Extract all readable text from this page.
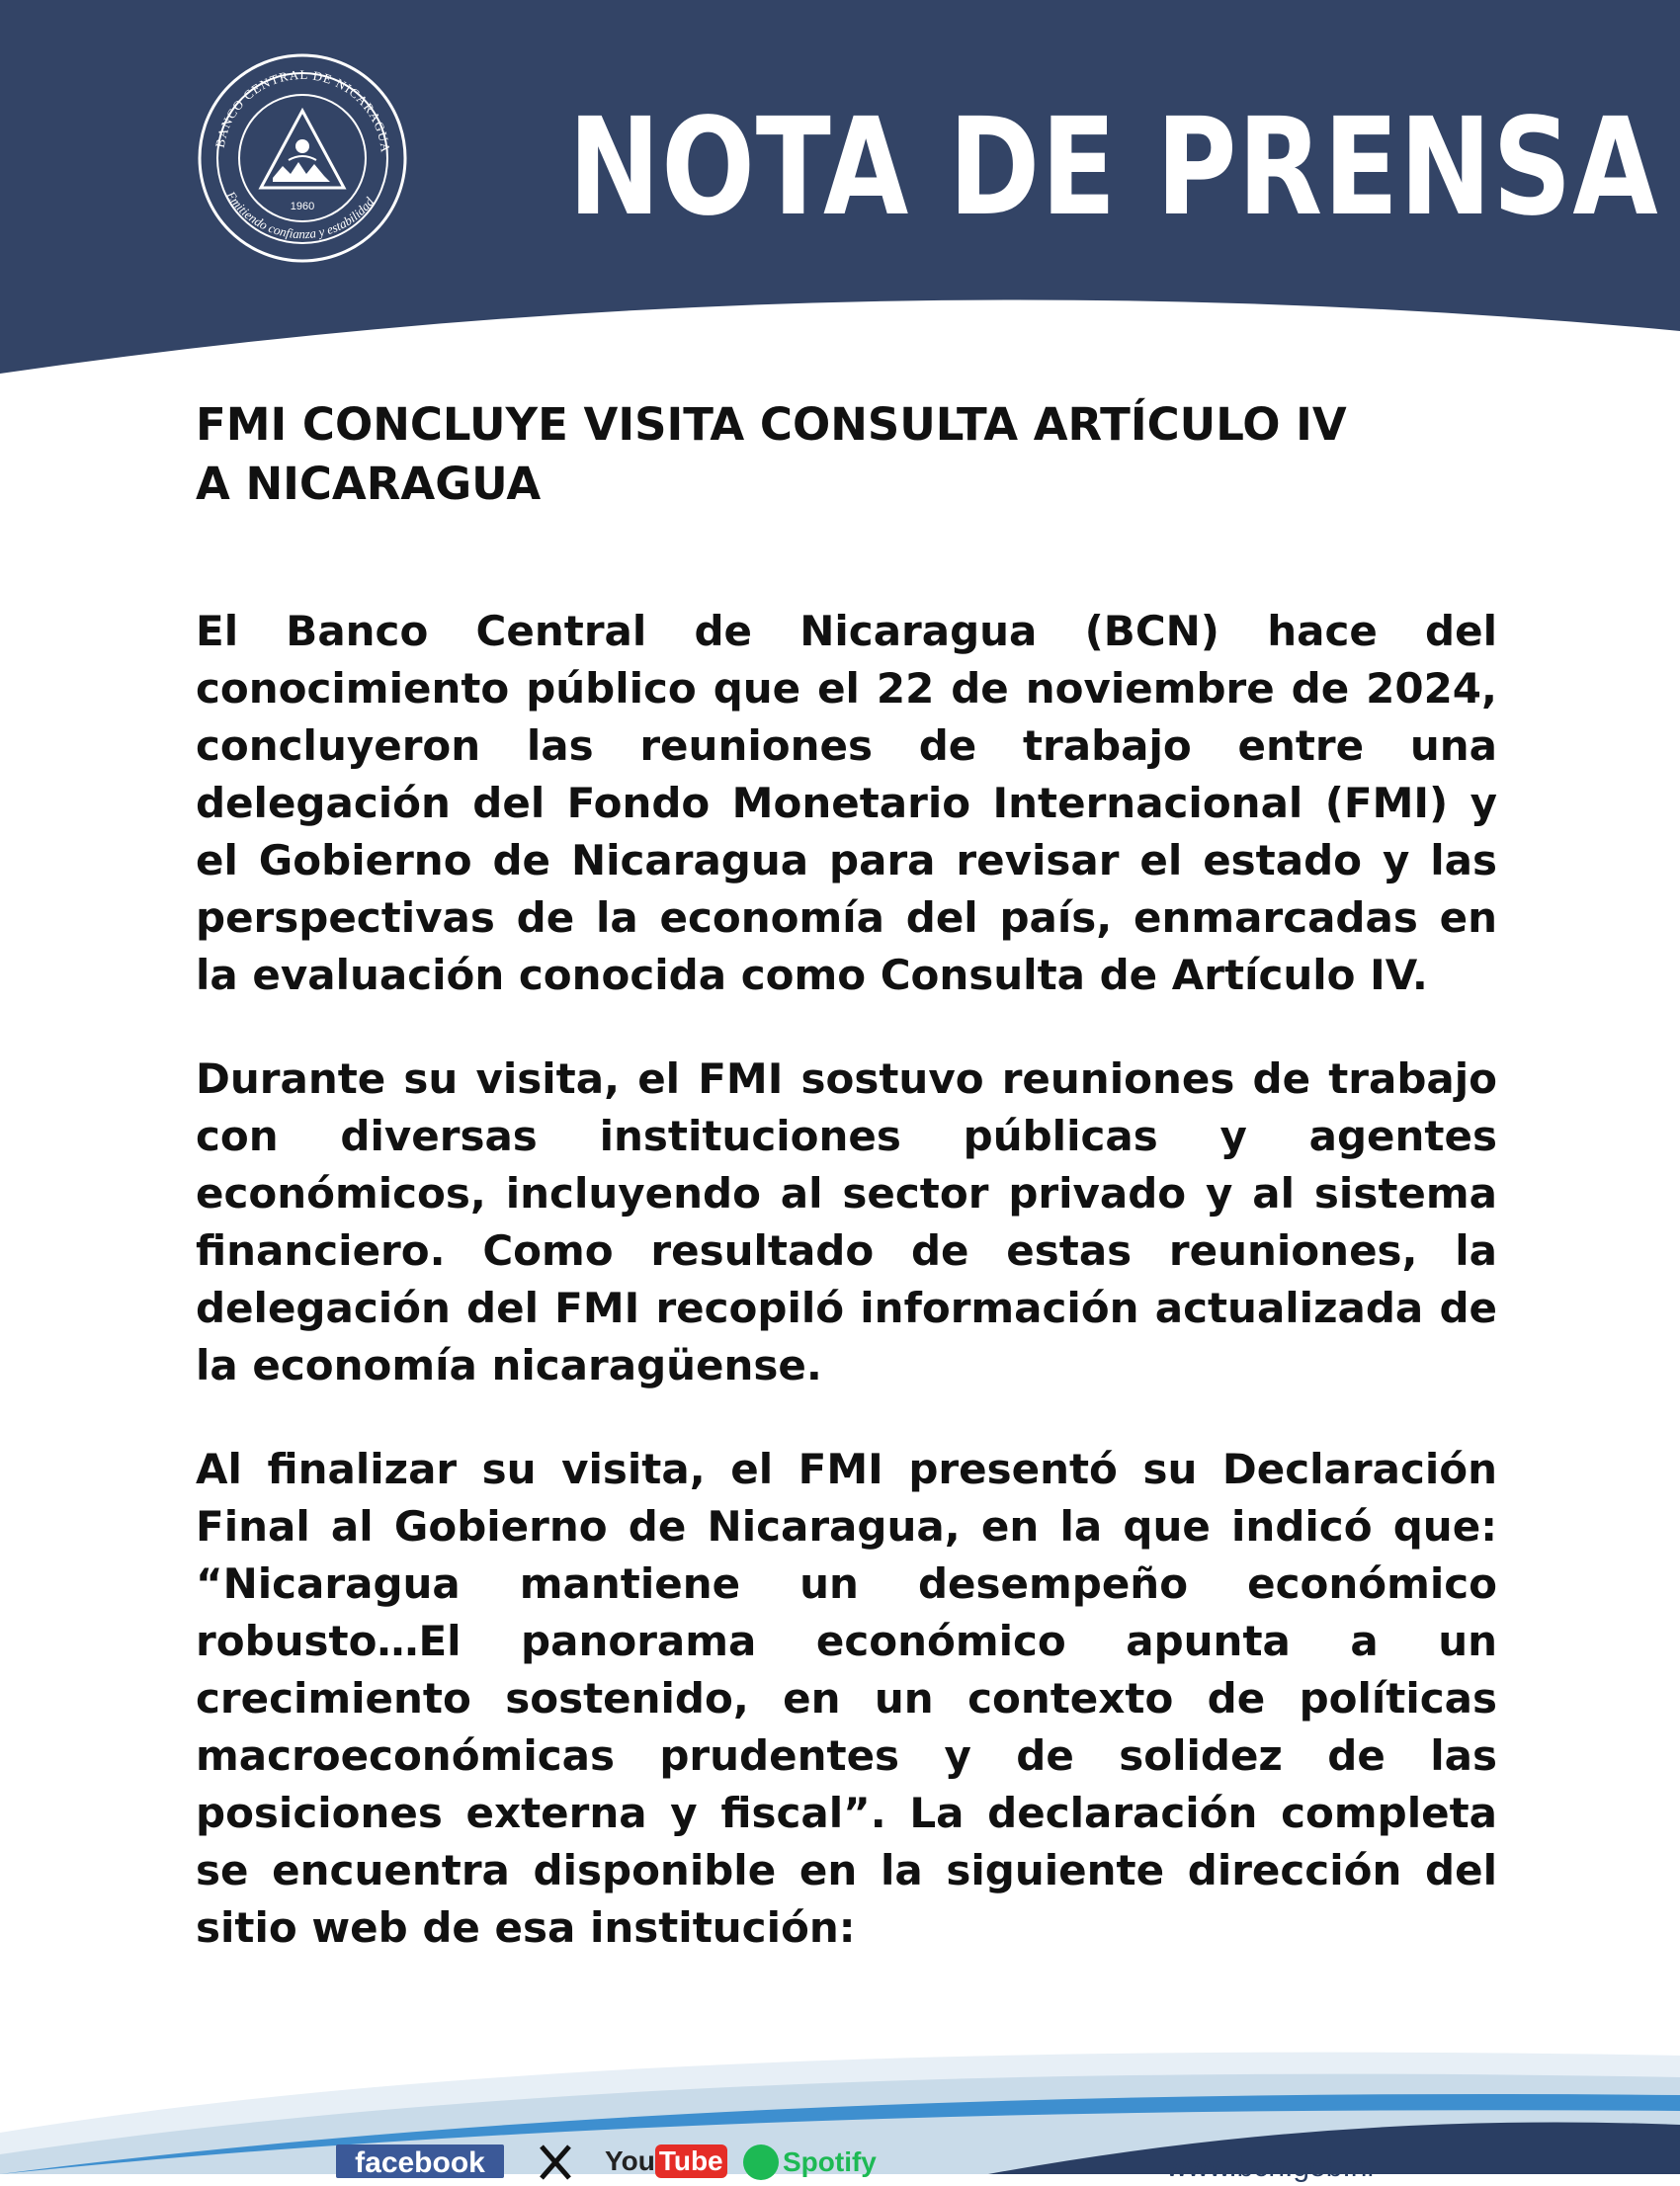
BANCO CENTRAL DE NICARAGUA
Emitiendo confianza y estabilidad
1960 NOTA DE PRENSA
FMI CONCLUYE VISITA CONSULTA ARTÍCULO IV
A NICARAGUA

El Banco Central de Nicaragua (BCN) hace del conocimiento público que el 22 de noviembre de 2024, concluyeron las reuniones de trabajo entre una delegación del Fondo Monetario Internacional (FMI) y el Gobierno de Nicaragua para revisar el estado y las perspectivas de la economía del país, enmarcadas en la evaluación conocida como Consulta de Artículo IV.

Durante su visita, el FMI sostuvo reuniones de trabajo con diversas instituciones públicas y agentes económicos, incluyendo al sector privado y al sistema financiero. Como resultado de estas reuniones, la delegación del FMI recopiló información actualizada de la economía nicaragüense.

Al finalizar su visita, el FMI presentó su Declaración Final al Gobierno de Nicaragua, en la que indicó que: “Nicaragua mantiene un desempeño económico robusto…El panorama económico apunta a un crecimiento sostenido, en un contexto de políticas macroeconómicas prudentes y de solidez de las posiciones externa y fiscal”. La declaración completa se encuentra disponible en la siguiente dirección del sitio web de esa institución:

facebook
X
You Tube	Spotify	www.bcn.gob.ni
